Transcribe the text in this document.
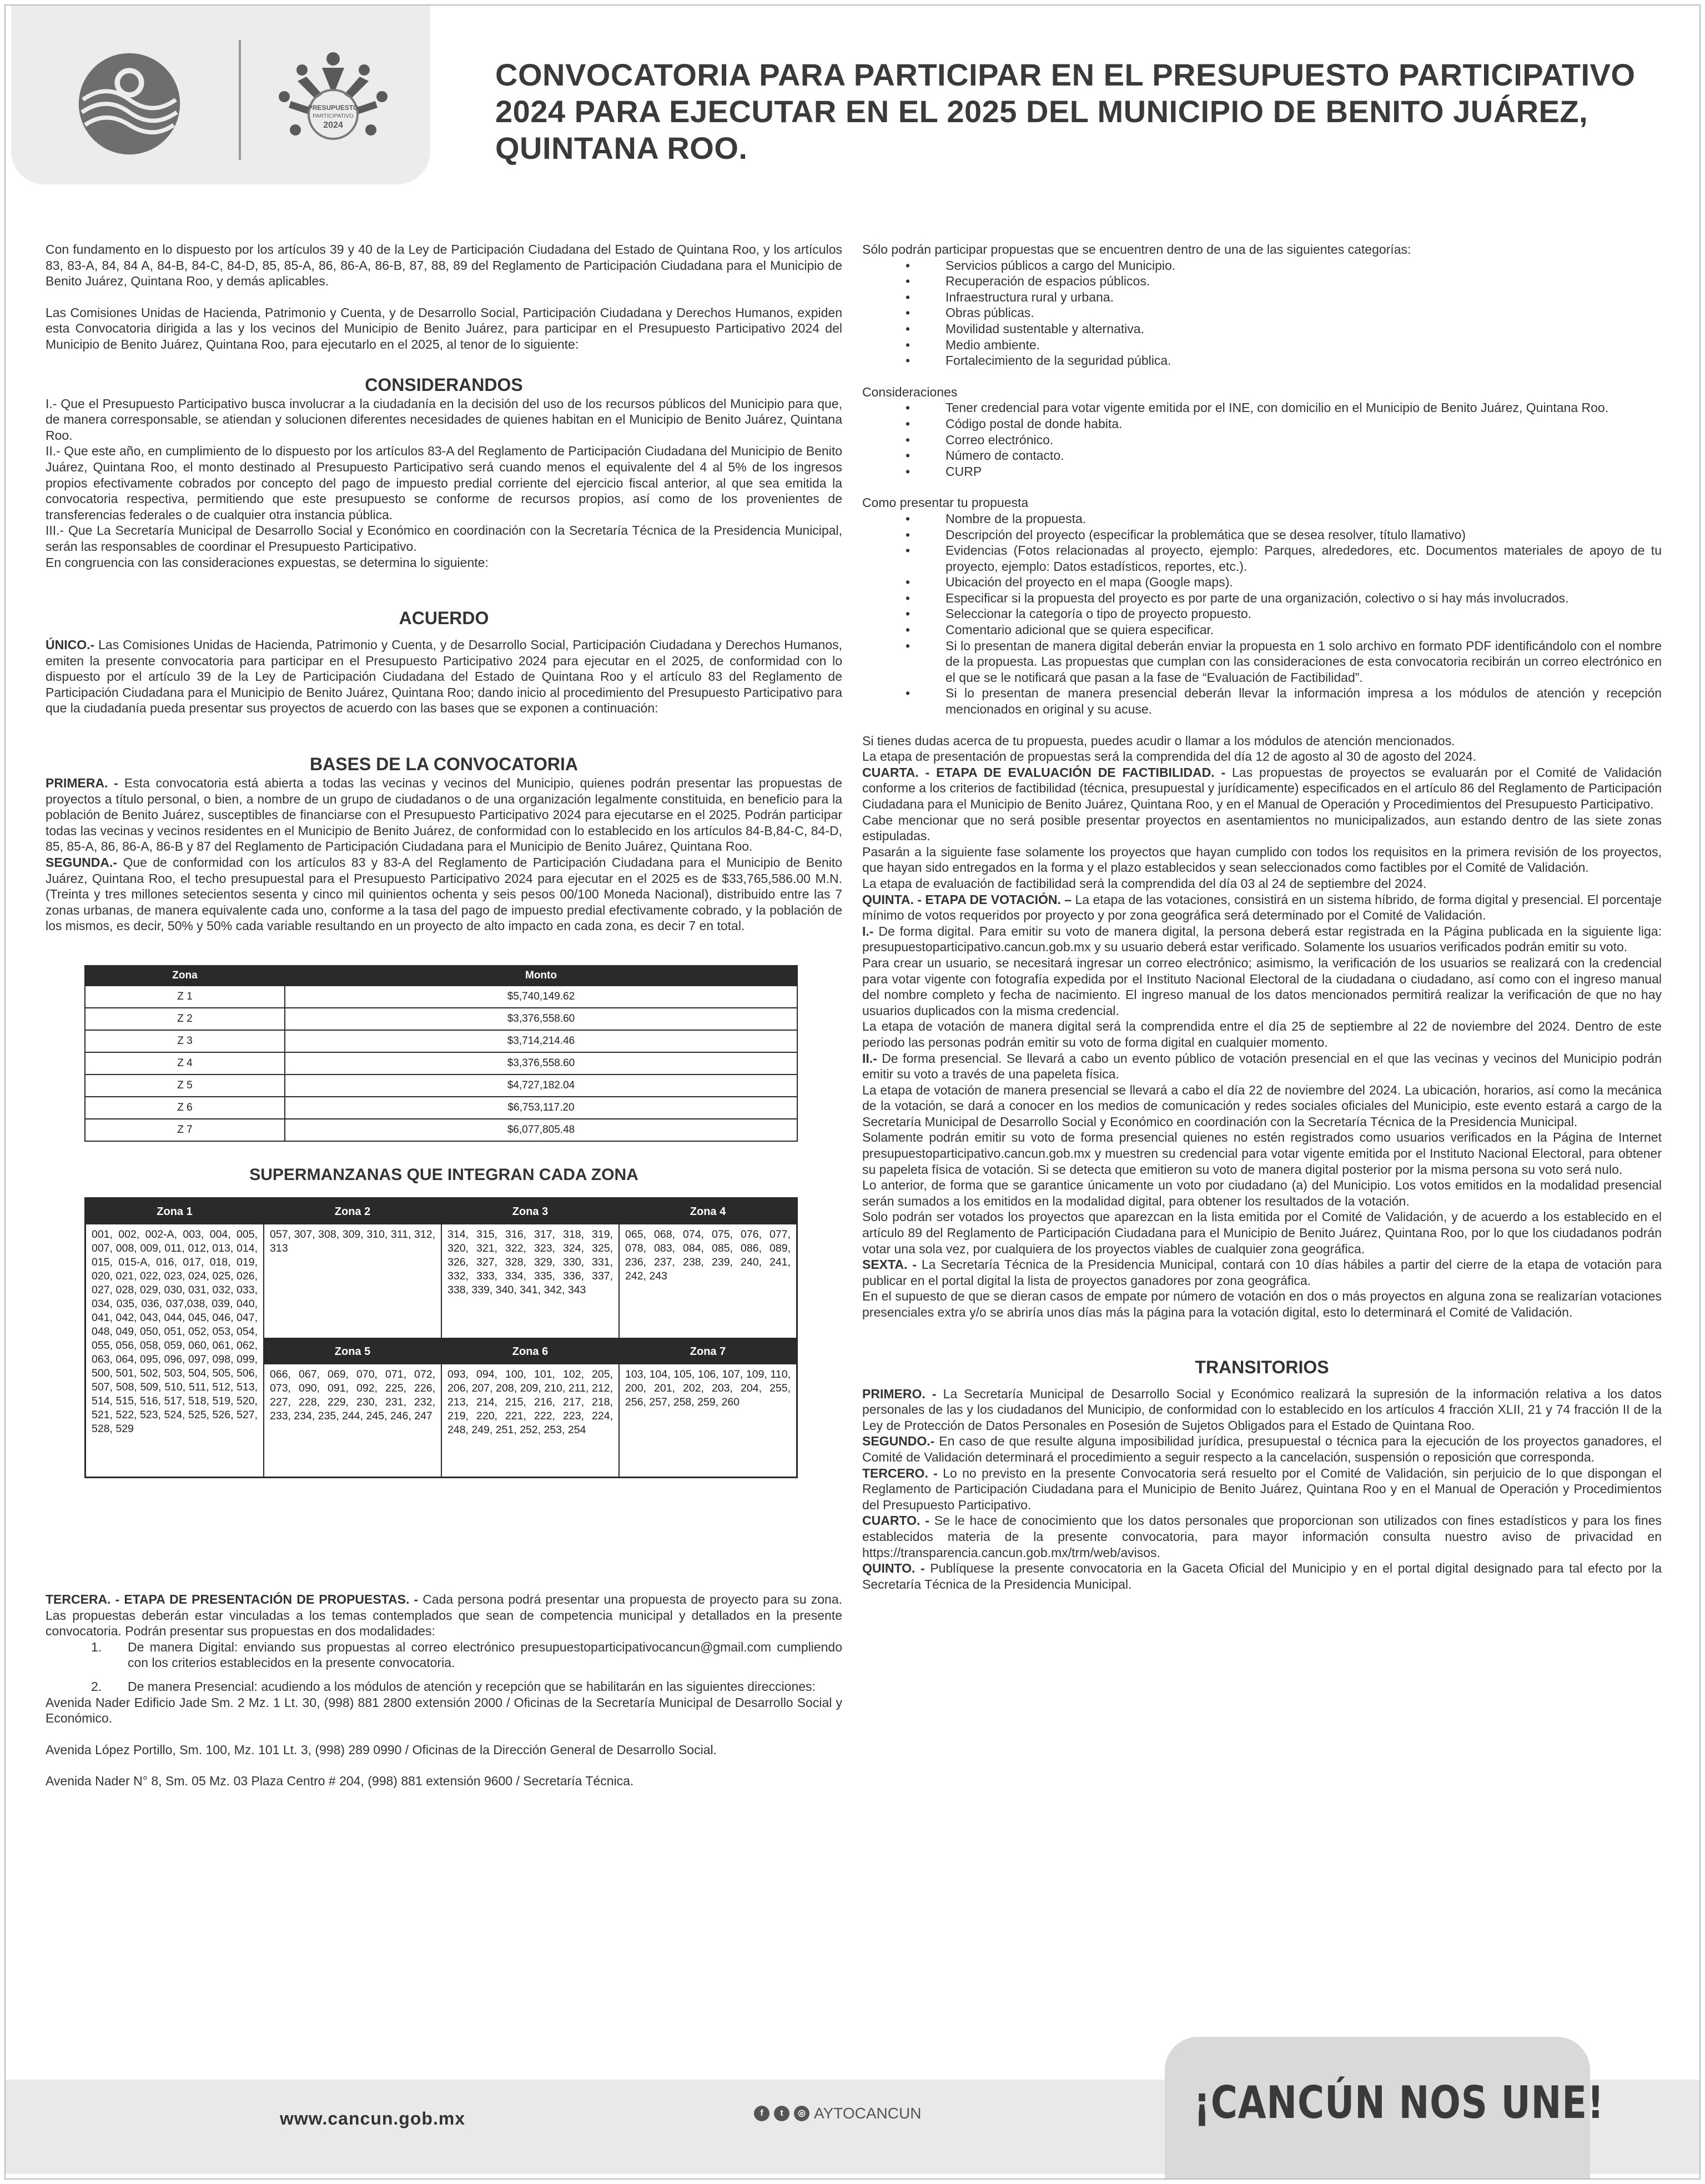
PRESUPUESTO
PARTICIPATIVO
2024
CONVOCATORIA PARA PARTICIPAR EN EL PRESUPUESTO PARTICIPATIVO 2024 PARA EJECUTAR EN EL 2025 DEL MUNICIPIO DE BENITO JUÁREZ, QUINTANA ROO.

Con fundamento en lo dispuesto por los artículos 39 y 40 de la Ley de Participación Ciudadana del Estado de Quintana Roo, y los artículos 83, 83-A, 84, 84 A, 84-B, 84-C, 84-D, 85, 85-A, 86, 86-A, 86-B, 87, 88, 89 del Reglamento de Participación Ciudadana para el Municipio de Benito Juárez, Quintana Roo, y demás aplicables.

Las Comisiones Unidas de Hacienda, Patrimonio y Cuenta, y de Desarrollo Social, Participación Ciudadana y Derechos Humanos, expiden esta Convocatoria dirigida a las y los vecinos del Municipio de Benito Juárez, para participar en el Presupuesto Participativo 2024 del Municipio de Benito Juárez, Quintana Roo, para ejecutarlo en el 2025, al tenor de lo siguiente:

CONSIDERANDOS

I.- Que el Presupuesto Participativo busca involucrar a la ciudadanía en la decisión del uso de los recursos públicos del Municipio para que, de manera corresponsable, se atiendan y solucionen diferentes necesidades de quienes habitan en el Municipio de Benito Juárez, Quintana Roo.

II.- Que este año, en cumplimiento de lo dispuesto por los artículos 83-A del Reglamento de Participación Ciudadana del Municipio de Benito Juárez, Quintana Roo, el monto destinado al Presupuesto Participativo será cuando menos el equivalente del 4 al 5% de los ingresos propios efectivamente cobrados por concepto del pago de impuesto predial corriente del ejercicio fiscal anterior, al que sea emitida la convocatoria respectiva, permitiendo que este presupuesto se conforme de recursos propios, así como de los provenientes de transferencias federales o de cualquier otra instancia pública.

III.- Que La Secretaría Municipal de Desarrollo Social y Económico en coordinación con la Secretaría Técnica de la Presidencia Municipal, serán las responsables de coordinar el Presupuesto Participativo.

En congruencia con las consideraciones expuestas, se determina lo siguiente:

ACUERDO

ÚNICO.- Las Comisiones Unidas de Hacienda, Patrimonio y Cuenta, y de Desarrollo Social, Participación Ciudadana y Derechos Humanos, emiten la presente convocatoria para participar en el Presupuesto Participativo 2024 para ejecutar en el 2025, de conformidad con lo dispuesto por el artículo 39 de la Ley de Participación Ciudadana del Estado de Quintana Roo y el artículo 83 del Reglamento de Participación Ciudadana para el Municipio de Benito Juárez, Quintana Roo; dando inicio al procedimiento del Presupuesto Participativo para que la ciudadanía pueda presentar sus proyectos de acuerdo con las bases que se exponen a continuación:

BASES DE LA CONVOCATORIA

PRIMERA. - Esta convocatoria está abierta a todas las vecinas y vecinos del Municipio, quienes podrán presentar las propuestas de proyectos a título personal, o bien, a nombre de un grupo de ciudadanos o de una organización legalmente constituida, en beneficio para la población de Benito Juárez, susceptibles de financiarse con el Presupuesto Participativo 2024 para ejecutarse en el 2025. Podrán participar todas las vecinas y vecinos residentes en el Municipio de Benito Juárez, de conformidad con lo establecido en los artículos 84-B,84-C, 84-D, 85, 85-A, 86, 86-A, 86-B y 87 del Reglamento de Participación Ciudadana para el Municipio de Benito Juárez, Quintana Roo.

SEGUNDA.- Que de conformidad con los artículos 83 y 83-A del Reglamento de Participación Ciudadana para el Municipio de Benito Juárez, Quintana Roo, el techo presupuestal para el Presupuesto Participativo 2024 para ejecutar en el 2025 es de $33,765,586.00 M.N. (Treinta y tres millones setecientos sesenta y cinco mil quinientos ochenta y seis pesos 00/100 Moneda Nacional), distribuido entre las 7 zonas urbanas, de manera equivalente cada uno, conforme a la tasa del pago de impuesto predial efectivamente cobrado, y la población de los mismos, es decir, 50% y 50% cada variable resultando en un proyecto de alto impacto en cada zona, es decir 7 en total.

Zona	Monto
Z 1	$5,740,149.62
Z 2	$3,376,558.60
Z 3	$3,714,214.46
Z 4	$3,376,558.60
Z 5	$4,727,182.04
Z 6	$6,753,117.20
Z 7	$6,077,805.48
SUPERMANZANAS QUE INTEGRAN CADA ZONA
Zona 1
001, 002, 002-A, 003, 004, 005, 007, 008, 009, 011, 012, 013, 014, 015, 015-A, 016, 017, 018, 019, 020, 021, 022, 023, 024, 025, 026, 027, 028, 029, 030, 031, 032, 033, 034, 035, 036, 037,038, 039, 040, 041, 042, 043, 044, 045, 046, 047, 048, 049, 050, 051, 052, 053, 054, 055, 056, 058, 059, 060, 061, 062, 063, 064, 095, 096, 097, 098, 099, 500, 501, 502, 503, 504, 505, 506, 507, 508, 509, 510, 511, 512, 513, 514, 515, 516, 517, 518, 519, 520, 521, 522, 523, 524, 525, 526, 527, 528, 529
Zona 2
057, 307, 308, 309, 310, 311, 312, 313
Zona 3
314, 315, 316, 317, 318, 319, 320, 321, 322, 323, 324, 325, 326, 327, 328, 329, 330, 331, 332, 333, 334, 335, 336, 337, 338, 339, 340, 341, 342, 343
Zona 4
065, 068, 074, 075, 076, 077, 078, 083, 084, 085, 086, 089, 236, 237, 238, 239, 240, 241, 242, 243
Zona 5
066, 067, 069, 070, 071, 072, 073, 090, 091, 092, 225, 226, 227, 228, 229, 230, 231, 232, 233, 234, 235, 244, 245, 246, 247
Zona 6
093, 094, 100, 101, 102, 205, 206, 207, 208, 209, 210, 211, 212, 213, 214, 215, 216, 217, 218, 219, 220, 221, 222, 223, 224, 248, 249, 251, 252, 253, 254
Zona 7
103, 104, 105, 106, 107, 109, 110, 200, 201, 202, 203, 204, 255, 256, 257, 258, 259, 260

TERCERA. - ETAPA DE PRESENTACIÓN DE PROPUESTAS. - Cada persona podrá presentar una propuesta de proyecto para su zona. Las propuestas deberán estar vinculadas a los temas contemplados que sean de competencia municipal y detallados en la presente convocatoria. Podrán presentar sus propuestas en dos modalidades:

1. De manera Digital: enviando sus propuestas al correo electrónico presupuestoparticipativocancun@gmail.com cumpliendo con los criterios establecidos en la presente convocatoria.
2. De manera Presencial: acudiendo a los módulos de atención y recepción que se habilitarán en las siguientes direcciones:

Avenida Nader Edificio Jade Sm. 2 Mz. 1 Lt. 30, (998) 881 2800 extensión 2000 / Oficinas de la Secretaría Municipal de Desarrollo Social y Económico.

Avenida López Portillo, Sm. 100, Mz. 101 Lt. 3, (998) 289 0990 / Oficinas de la Dirección General de Desarrollo Social.

Avenida Nader N° 8, Sm. 05 Mz. 03 Plaza Centro # 204, (998) 881 extensión 9600 / Secretaría Técnica.

Sólo podrán participar propuestas que se encuentren dentro de una de las siguientes categorías:

• Servicios públicos a cargo del Municipio.
• Recuperación de espacios públicos.
• Infraestructura rural y urbana.
• Obras públicas.
• Movilidad sustentable y alternativa.
• Medio ambiente.
• Fortalecimiento de la seguridad pública.

Consideraciones

• Tener credencial para votar vigente emitida por el INE, con domicilio en el Municipio de Benito Juárez, Quintana Roo.
• Código postal de donde habita.
• Correo electrónico.
• Número de contacto.
• CURP

Como presentar tu propuesta

• Nombre de la propuesta.
• Descripción del proyecto (especificar la problemática que se desea resolver, título llamativo)
• Evidencias (Fotos relacionadas al proyecto, ejemplo: Parques, alrededores, etc. Documentos materiales de apoyo de tu proyecto, ejemplo: Datos estadísticos, reportes, etc.).
• Ubicación del proyecto en el mapa (Google maps).
• Especificar si la propuesta del proyecto es por parte de una organización, colectivo o si hay más involucrados.
• Seleccionar la categoría o tipo de proyecto propuesto.
• Comentario adicional que se quiera especificar.
• Si lo presentan de manera digital deberán enviar la propuesta en 1 solo archivo en formato PDF identificándolo con el nombre de la propuesta. Las propuestas que cumplan con las consideraciones de esta convocatoria recibirán un correo electrónico en el que se le notificará que pasan a la fase de “Evaluación de Factibilidad”.
• Si lo presentan de manera presencial deberán llevar la información impresa a los módulos de atención y recepción mencionados en original y su acuse.

Si tienes dudas acerca de tu propuesta, puedes acudir o llamar a los módulos de atención mencionados.

La etapa de presentación de propuestas será la comprendida del día 12 de agosto al 30 de agosto del 2024.

CUARTA. - ETAPA DE EVALUACIÓN DE FACTIBILIDAD. - Las propuestas de proyectos se evaluarán por el Comité de Validación conforme a los criterios de factibilidad (técnica, presupuestal y jurídicamente) especificados en el artículo 86 del Reglamento de Participación Ciudadana para el Municipio de Benito Juárez, Quintana Roo, y en el Manual de Operación y Procedimientos del Presupuesto Participativo.

Cabe mencionar que no será posible presentar proyectos en asentamientos no municipalizados, aun estando dentro de las siete zonas estipuladas.

Pasarán a la siguiente fase solamente los proyectos que hayan cumplido con todos los requisitos en la primera revisión de los proyectos, que hayan sido entregados en la forma y el plazo establecidos y sean seleccionados como factibles por el Comité de Validación.

La etapa de evaluación de factibilidad será la comprendida del día 03 al 24 de septiembre del 2024.

QUINTA. - ETAPA DE VOTACIÓN. – La etapa de las votaciones, consistirá en un sistema híbrido, de forma digital y presencial. El porcentaje mínimo de votos requeridos por proyecto y por zona geográfica será determinado por el Comité de Validación.

I.- De forma digital. Para emitir su voto de manera digital, la persona deberá estar registrada en la Página publicada en la siguiente liga: presupuestoparticipativo.cancun.gob.mx y su usuario deberá estar verificado. Solamente los usuarios verificados podrán emitir su voto.

Para crear un usuario, se necesitará ingresar un correo electrónico; asimismo, la verificación de los usuarios se realizará con la credencial para votar vigente con fotografía expedida por el Instituto Nacional Electoral de la ciudadana o ciudadano, así como con el ingreso manual del nombre completo y fecha de nacimiento. El ingreso manual de los datos mencionados permitirá realizar la verificación de que no hay usuarios duplicados con la misma credencial.

La etapa de votación de manera digital será la comprendida entre el día 25 de septiembre al 22 de noviembre del 2024. Dentro de este periodo las personas podrán emitir su voto de forma digital en cualquier momento.

II.- De forma presencial. Se llevará a cabo un evento público de votación presencial en el que las vecinas y vecinos del Municipio podrán emitir su voto a través de una papeleta física.

La etapa de votación de manera presencial se llevará a cabo el día 22 de noviembre del 2024. La ubicación, horarios, así como la mecánica de la votación, se dará a conocer en los medios de comunicación y redes sociales oficiales del Municipio, este evento estará a cargo de la Secretaría Municipal de Desarrollo Social y Económico en coordinación con la Secretaría Técnica de la Presidencia Municipal.

Solamente podrán emitir su voto de forma presencial quienes no estén registrados como usuarios verificados en la Página de Internet presupuestoparticipativo.cancun.gob.mx y muestren su credencial para votar vigente emitida por el Instituto Nacional Electoral, para obtener su papeleta física de votación. Si se detecta que emitieron su voto de manera digital posterior por la misma persona su voto será nulo.

Lo anterior, de forma que se garantice únicamente un voto por ciudadano (a) del Municipio. Los votos emitidos en la modalidad presencial serán sumados a los emitidos en la modalidad digital, para obtener los resultados de la votación.

Solo podrán ser votados los proyectos que aparezcan en la lista emitida por el Comité de Validación, y de acuerdo a los establecido en el artículo 89 del Reglamento de Participación Ciudadana para el Municipio de Benito Juárez, Quintana Roo, por lo que los ciudadanos podrán votar una sola vez, por cualquiera de los proyectos viables de cualquier zona geográfica.

SEXTA. - La Secretaría Técnica de la Presidencia Municipal, contará con 10 días hábiles a partir del cierre de la etapa de votación para publicar en el portal digital la lista de proyectos ganadores por zona geográfica.

En el supuesto de que se dieran casos de empate por número de votación en dos o más proyectos en alguna zona se realizarían votaciones presenciales extra y/o se abriría unos días más la página para la votación digital, esto lo determinará el Comité de Validación.

TRANSITORIOS

PRIMERO. - La Secretaría Municipal de Desarrollo Social y Económico realizará la supresión de la información relativa a los datos personales de las y los ciudadanos del Municipio, de conformidad con lo establecido en los artículos 4 fracción XLII, 21 y 74 fracción II de la Ley de Protección de Datos Personales en Posesión de Sujetos Obligados para el Estado de Quintana Roo.

SEGUNDO.- En caso de que resulte alguna imposibilidad jurídica, presupuestal o técnica para la ejecución de los proyectos ganadores, el Comité de Validación determinará el procedimiento a seguir respecto a la cancelación, suspensión o reposición que corresponda.

TERCERO. - Lo no previsto en la presente Convocatoria será resuelto por el Comité de Validación, sin perjuicio de lo que dispongan el Reglamento de Participación Ciudadana para el Municipio de Benito Juárez, Quintana Roo y en el Manual de Operación y Procedimientos del Presupuesto Participativo.

CUARTO. - Se le hace de conocimiento que los datos personales que proporcionan son utilizados con fines estadísticos y para los fines establecidos materia de la presente convocatoria, para mayor información consulta nuestro aviso de privacidad en https://transparencia.cancun.gob.mx/trm/web/avisos.

QUINTO. - Publíquese la presente convocatoria en la Gaceta Oficial del Municipio y en el portal digital designado para tal efecto por la Secretaría Técnica de la Presidencia Municipal.

www.cancun.gob.mx	f	t	◎ AYTOCANCUN	¡CANCÚN NOS UNE!
